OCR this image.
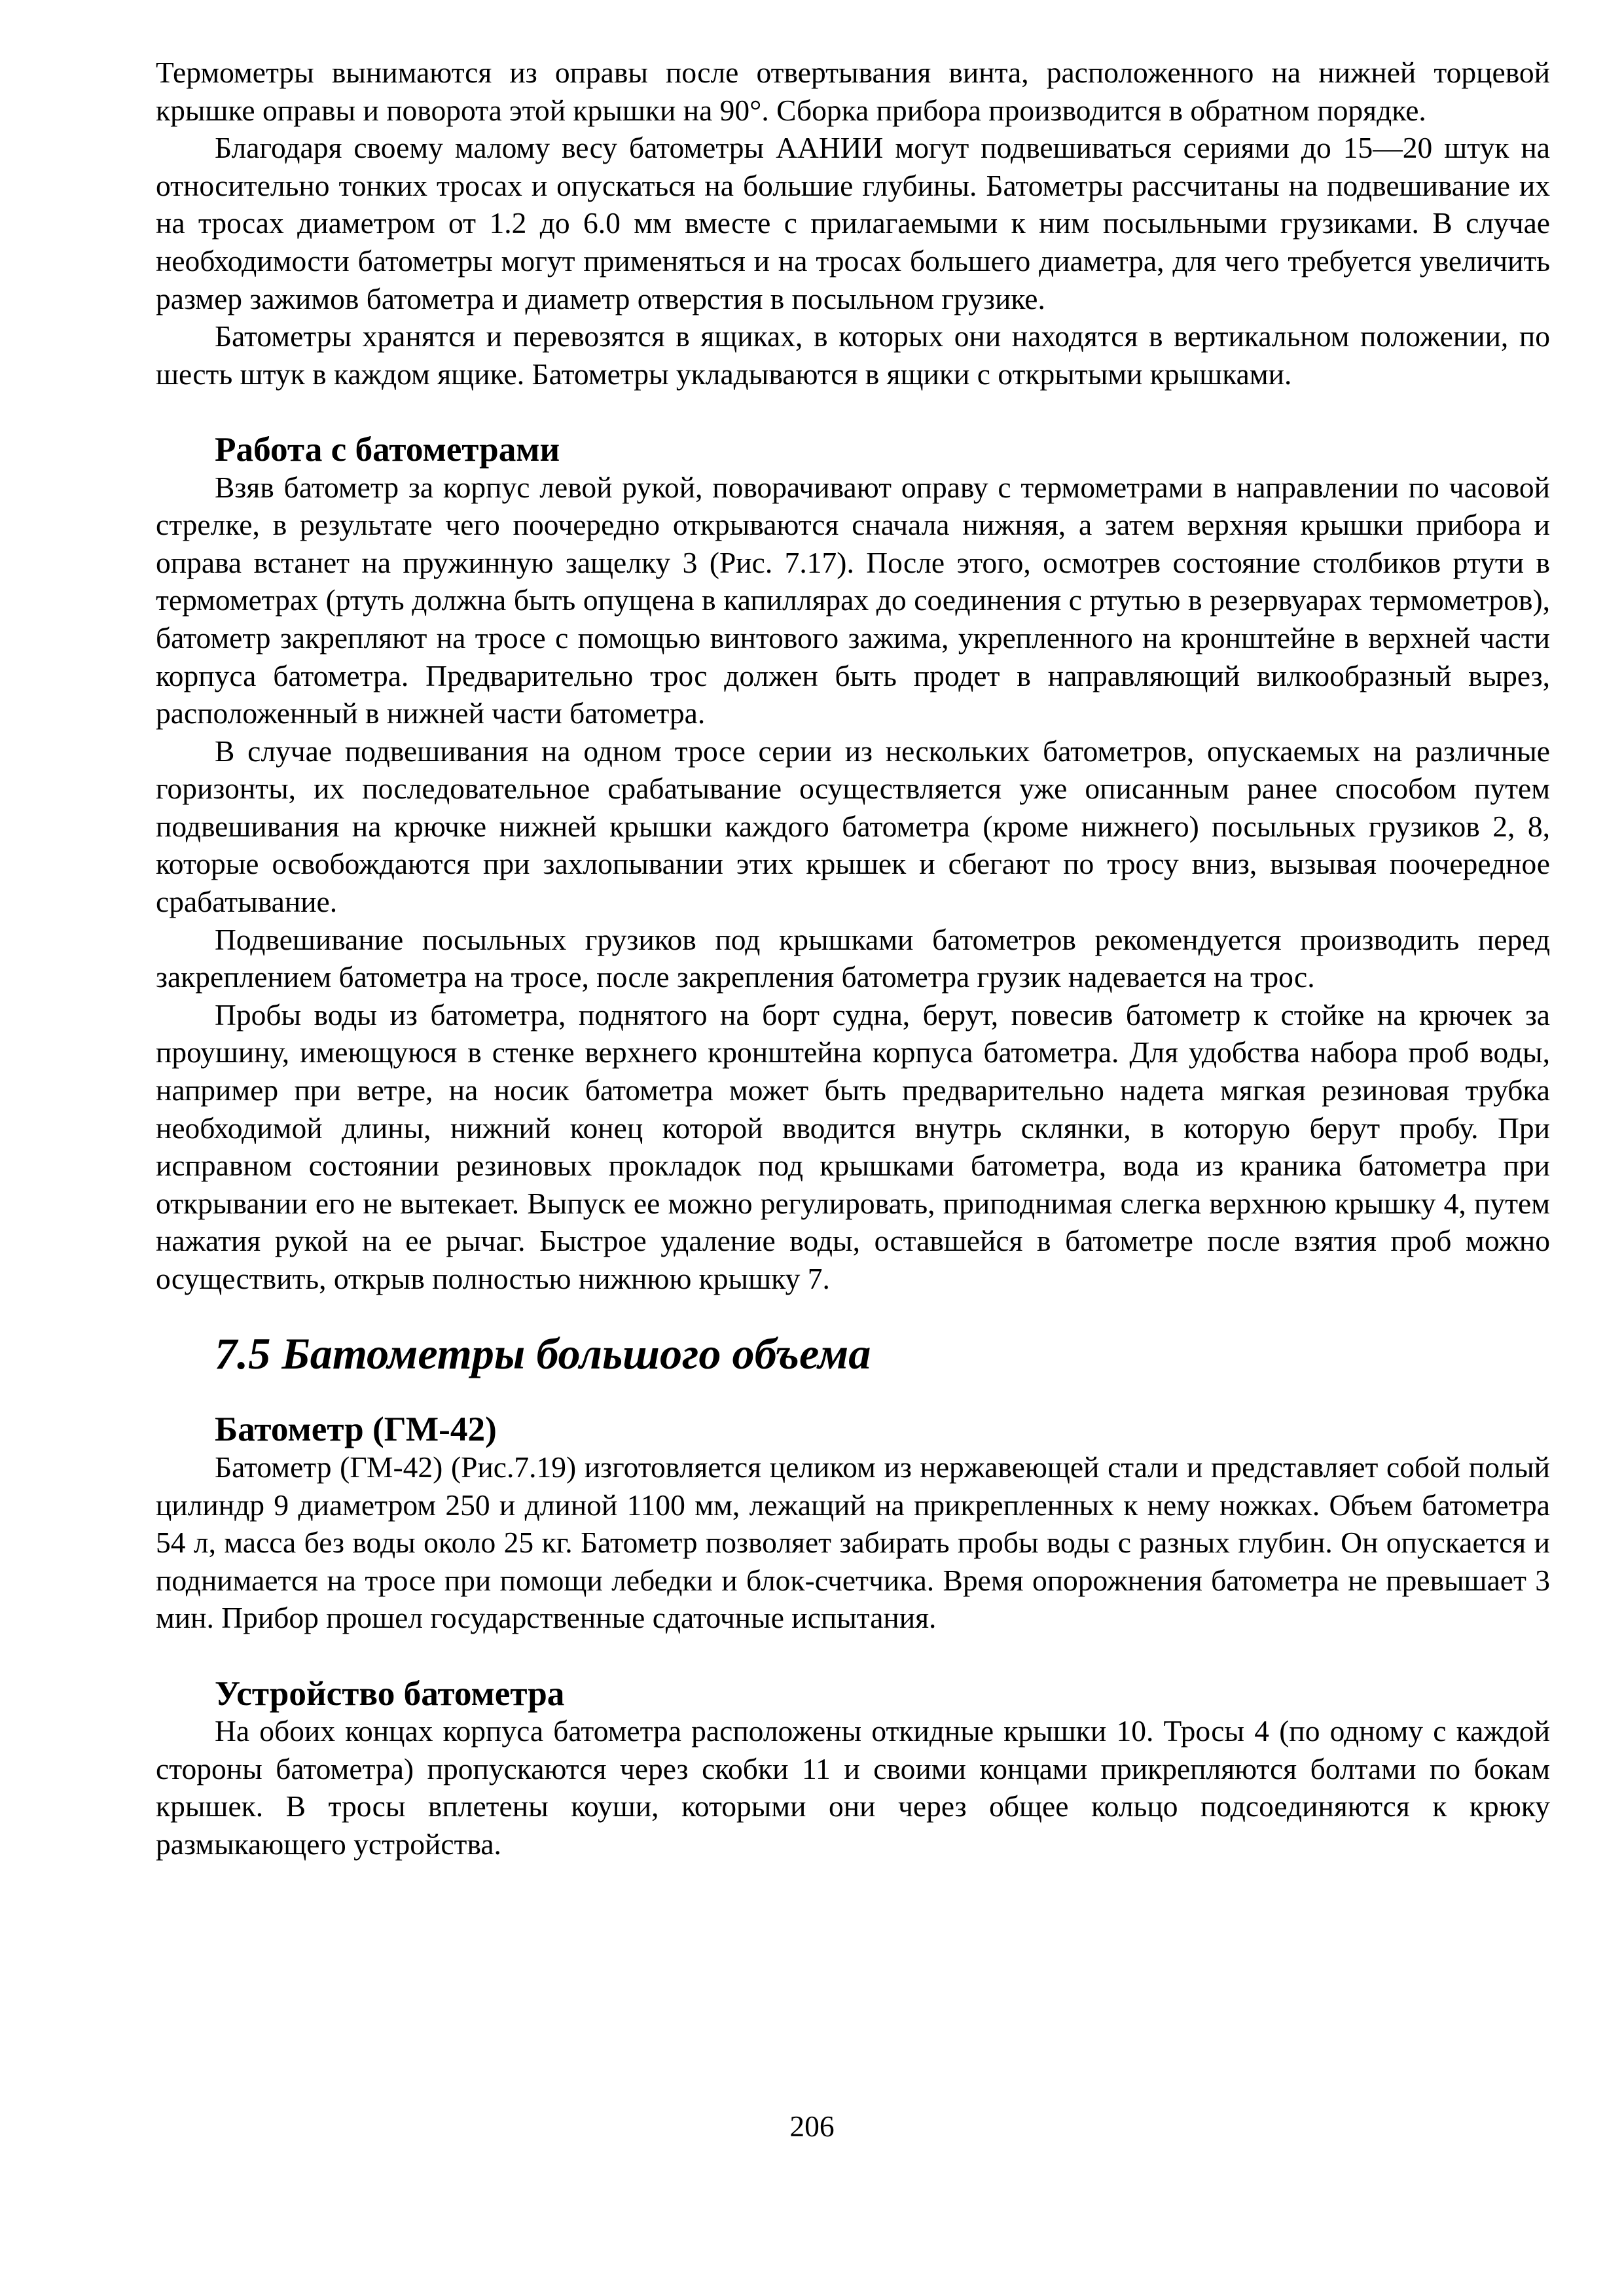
Термометры вынимаются из оправы после отвертывания винта, расположенного на нижней торцевой крышке оправы и поворота этой крышки на 90°. Сборка прибора производится в обратном порядке.

Благодаря своему малому весу батометры ААНИИ могут подвешиваться сериями до 15—20 штук на относительно тонких тросах и опускаться на большие глубины. Батометры рассчитаны на подвешивание их на тросах диаметром от 1.2 до 6.0 мм вместе с прилагаемыми к ним посыльными грузиками. В случае необходимости батометры могут применяться и на тросах большего диаметра, для чего требуется увеличить размер зажимов батометра и диаметр отверстия в посыльном грузике.

Батометры хранятся и перевозятся в ящиках, в которых они находятся в вертикальном положении, по шесть штук в каждом ящике. Батометры укладываются в ящики с открытыми крышками.

Работа с батометрами

Взяв батометр за корпус левой рукой, поворачивают оправу с термометрами в направлении по часовой стрелке, в результате чего поочередно открываются сначала нижняя, а затем верхняя крышки прибора и оправа встанет на пружинную защелку 3 (Рис. 7.17). После этого, осмотрев состояние столбиков ртути в термометрах (ртуть должна быть опущена в капиллярах до соединения с ртутью в резервуарах термометров), батометр закрепляют на тросе с помощью винтового зажима, укрепленного на кронштейне в верхней части корпуса батометра. Предварительно трос должен быть продет в направляющий вилкообразный вырез, расположенный в нижней части батометра.

В случае подвешивания на одном тросе серии из нескольких батометров, опускаемых на различные горизонты, их последовательное срабатывание осуществляется уже описанным ранее способом путем подвешивания на крючке нижней крышки каждого батометра (кроме нижнего) посыльных грузиков 2, 8, которые освобождаются при захлопывании этих крышек и сбегают по тросу вниз, вызывая поочередное срабатывание.

Подвешивание посыльных грузиков под крышками батометров рекомендуется производить перед закреплением батометра на тросе, после закрепления батометра грузик надевается на трос.

Пробы воды из батометра, поднятого на борт судна, берут, повесив батометр к стойке на крючек за проушину, имеющуюся в стенке верхнего кронштейна корпуса батометра. Для удобства набора проб воды, например при ветре, на носик батометра может быть предварительно надета мягкая резиновая трубка необходимой длины, нижний конец которой вводится внутрь склянки, в которую берут пробу. При исправном состоянии резиновых прокладок под крышками батометра, вода из краника батометра при открывании его не вытекает. Выпуск ее можно регулировать, приподнимая слегка верхнюю крышку 4, путем нажатия рукой на ее рычаг. Быстрое удаление воды, оставшейся в батометре после взятия проб можно осуществить, открыв полностью нижнюю крышку 7.

7.5 Батометры большого объема
Батометр (ГМ-42)

Батометр (ГМ-42) (Рис.7.19) изготовляется целиком из нержавеющей стали и представляет собой полый цилиндр 9 диаметром 250 и длиной 1100 мм, лежащий на прикрепленных к нему ножках. Объем батометра 54 л, масса без воды около 25 кг. Батометр позволяет забирать пробы воды с разных глубин. Он опускается и поднимается на тросе при помощи лебедки и блок-счетчика. Время опорожнения батометра не превышает 3 мин. Прибор прошел государственные сдаточные испытания.

Устройство батометра

На обоих концах корпуса батометра расположены откидные крышки 10. Тросы 4 (по одному с каждой стороны батометра) пропускаются через скобки 11 и своими концами прикрепляются болтами по бокам крышек. В тросы вплетены коуши, которыми они через общее кольцо подсоединяются к крюку размыкающего устройства.

206
